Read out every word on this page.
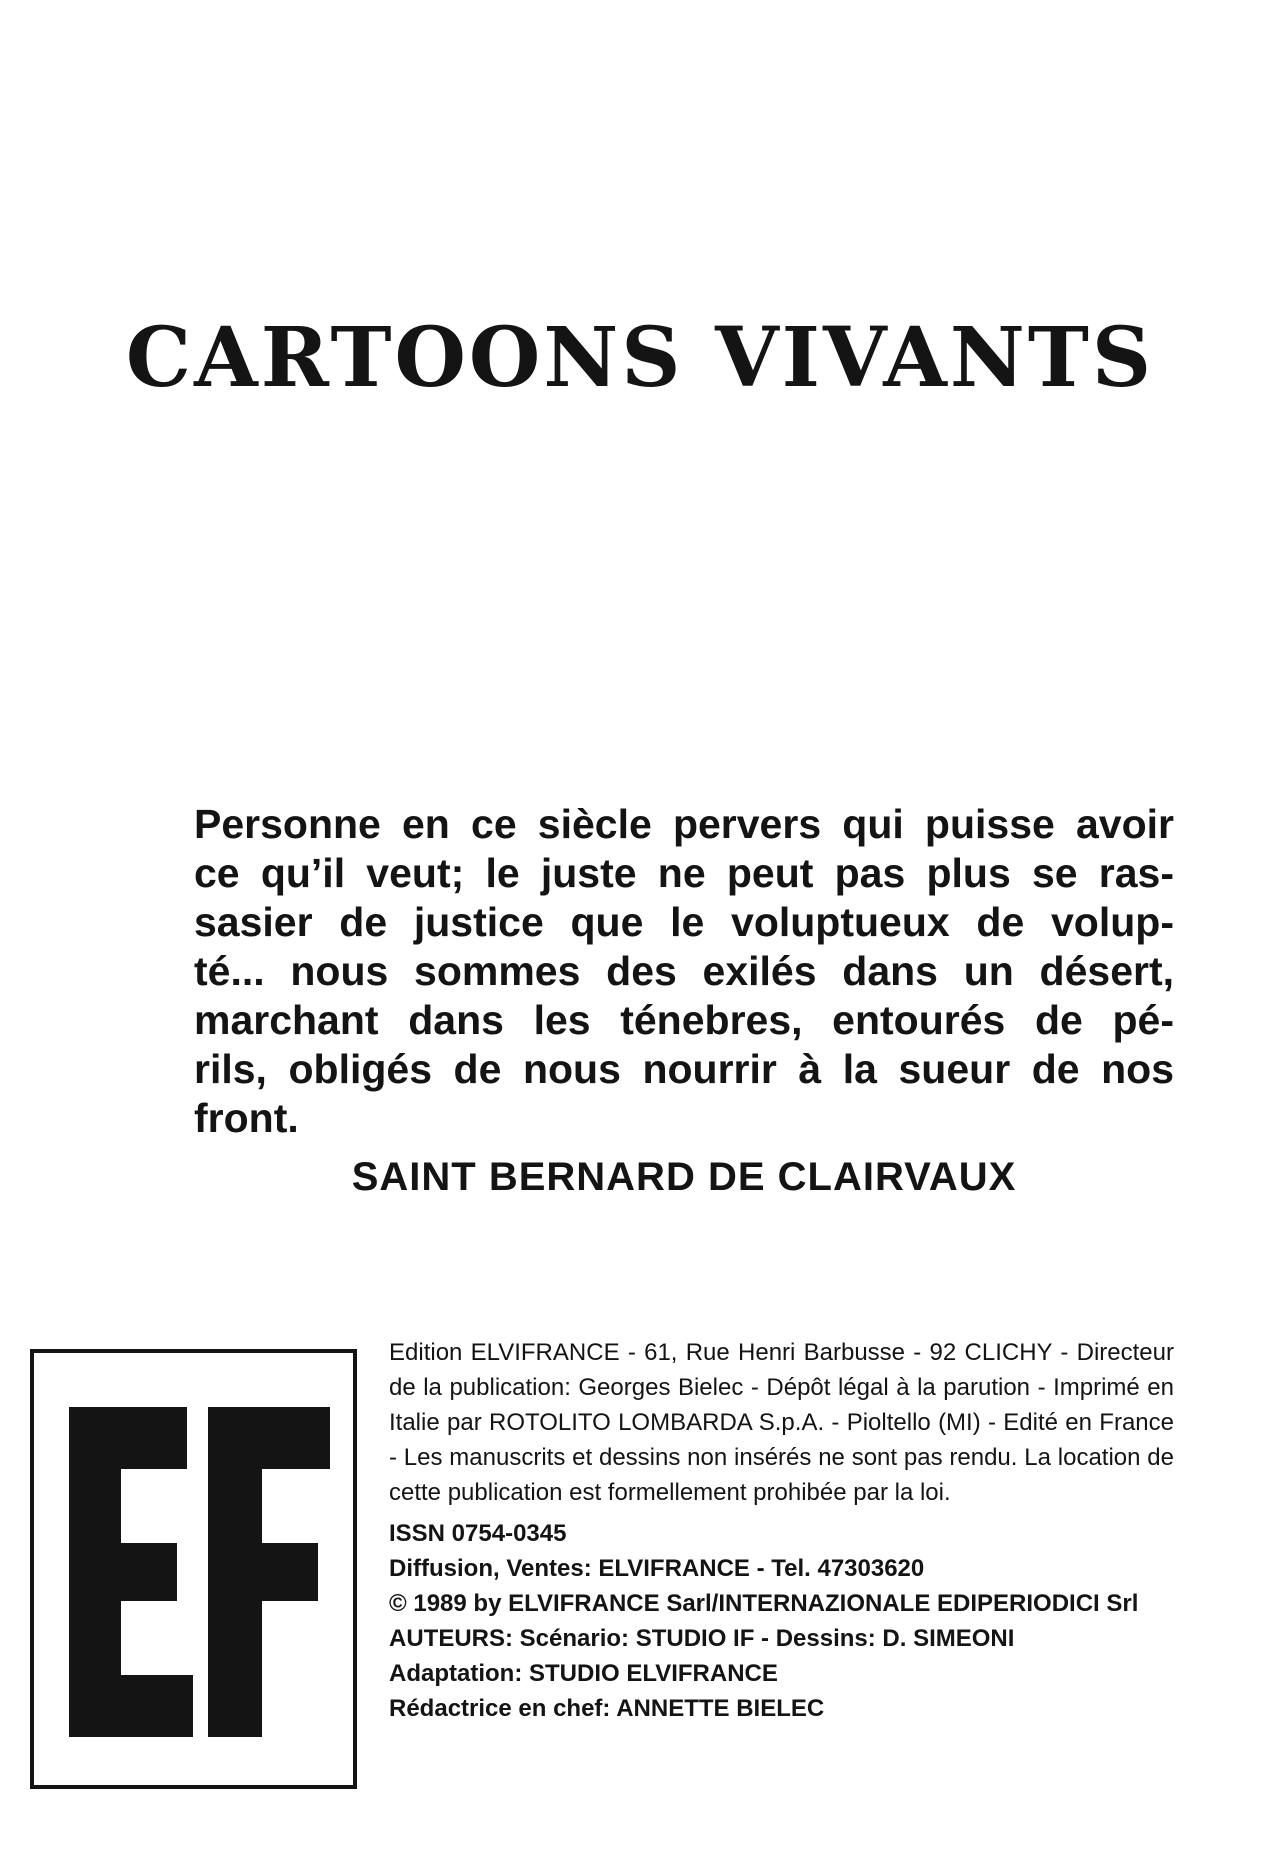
CARTOONS VIVANTS
Personne en ce siècle pervers qui puisse avoir
ce qu’il veut; le juste ne peut pas plus se ras-
sasier de justice que le voluptueux de volup-
té... nous sommes des exilés dans un désert,
marchant dans les ténebres, entourés de pé-
rils, obligés de nous nourrir à la sueur de nos
front.
SAINT BERNARD DE CLAIRVAUX

Edition ELVIFRANCE - 61, Rue Henri Barbusse - 92 CLICHY - Directeur de la publication: Georges Bielec - Dépôt légal à la parution - Imprimé en Italie par ROTOLITO LOMBARDA S.p.A. - Pioltello (MI) - Edité en France - Les manuscrits et dessins non insérés ne sont pas rendu. La location de cette publication est formellement prohibée par la loi.

ISSN 0754-0345
Diffusion, Ventes: ELVIFRANCE - Tel. 47303620
© 1989 by ELVIFRANCE Sarl/INTERNAZIONALE EDIPERIODICI Srl
AUTEURS: Scénario: STUDIO IF - Dessins: D. SIMEONI
Adaptation: STUDIO ELVIFRANCE
Rédactrice en chef: ANNETTE BIELEC
